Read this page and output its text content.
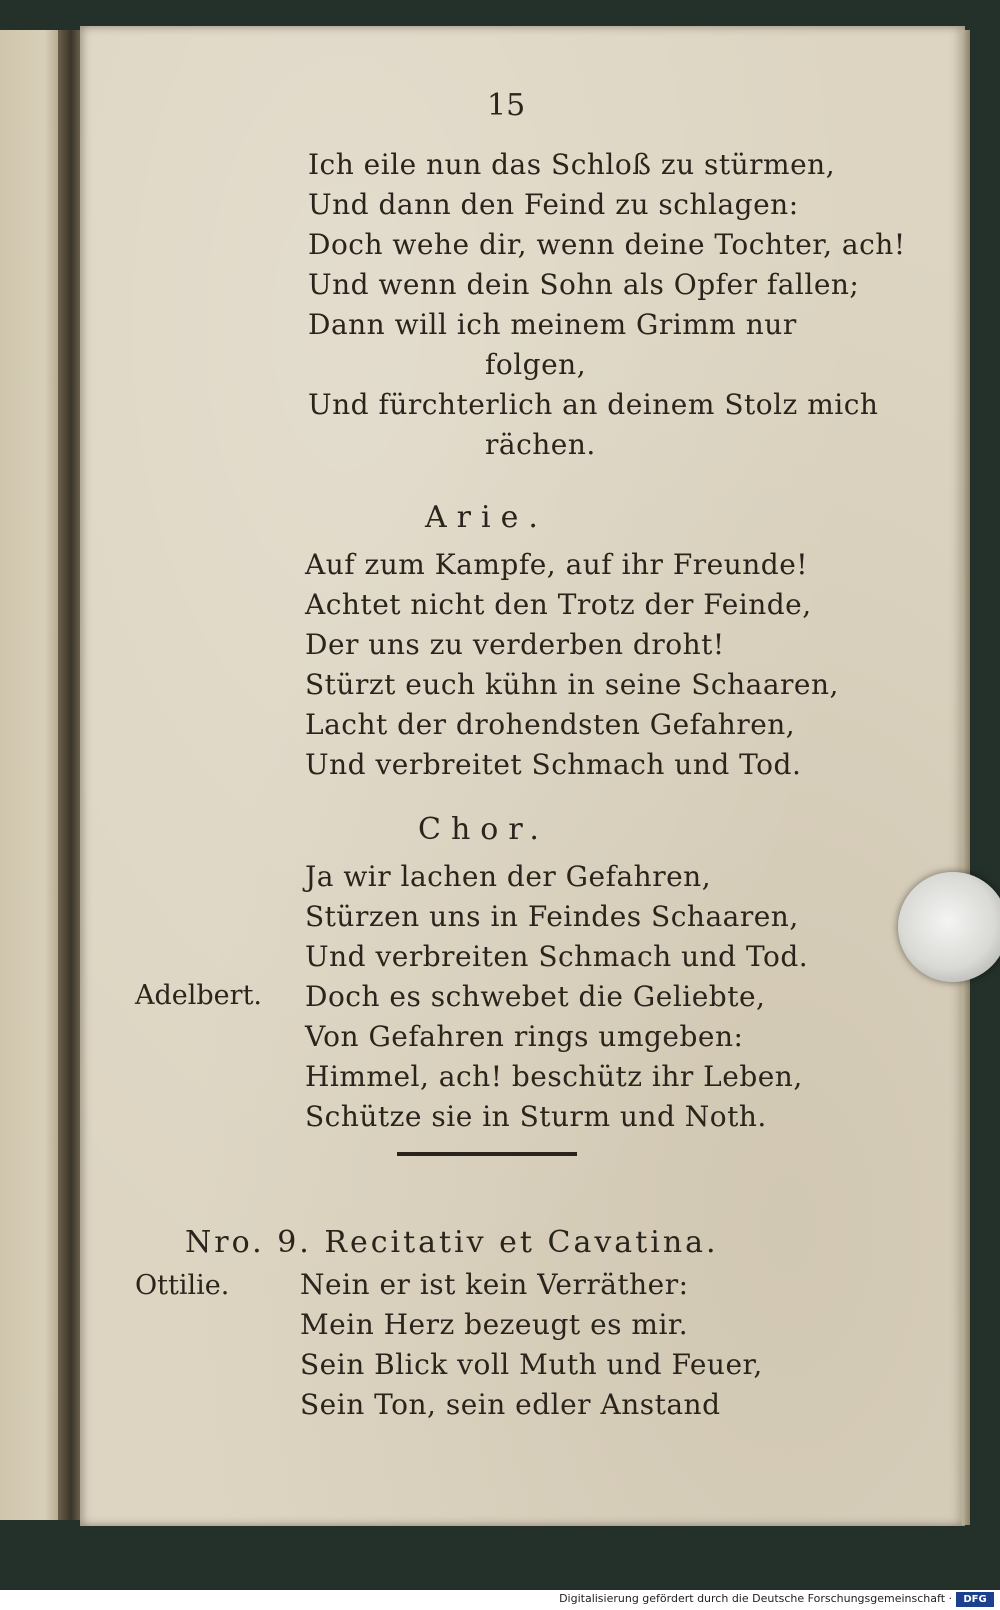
15
Ich eile nun das Schloß zu stürmen,
Und dann den Feind zu schlagen:
Doch wehe dir, wenn deine Tochter, ach!
Und wenn dein Sohn als Opfer fallen;
Dann will ich meinem Grimm nur
folgen,
Und fürchterlich an deinem Stolz mich
rächen.
Arie.
Auf zum Kampfe, auf ihr Freunde!
Achtet nicht den Trotz der Feinde,
Der uns zu verderben droht!
Stürzt euch kühn in seine Schaaren,
Lacht der drohendsten Gefahren,
Und verbreitet Schmach und Tod.
Chor.
Ja wir lachen der Gefahren,
Stürzen uns in Feindes Schaaren,
Und verbreiten Schmach und Tod.
Adelbert. Doch es schwebet die Geliebte,
Von Gefahren rings umgeben:
Himmel, ach! beschütz ihr Leben,
Schütze sie in Sturm und Noth.
Nro. 9. Recitativ et Cavatina.
Ottilie.	Nein er ist kein Verräther:
Mein Herz bezeugt es mir.
Sein Blick voll Muth und Feuer,
Sein Ton, sein edler Anstand
Digitalisierung gefördert durch die Deutsche Forschungsgemeinschaft ·	DFG
